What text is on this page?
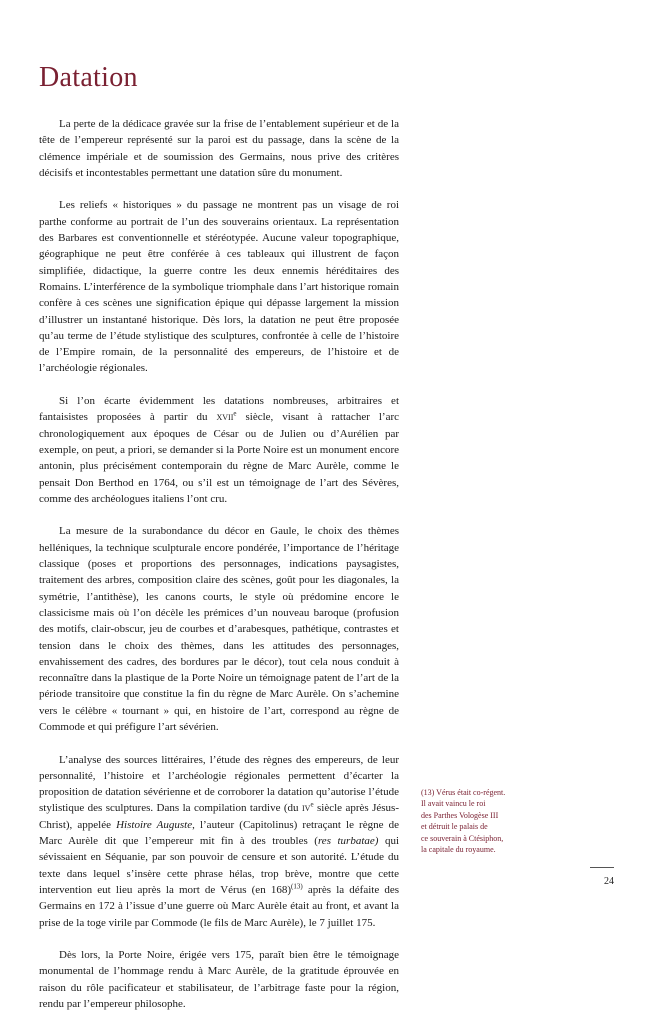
Datation

La perte de la dédicace gravée sur la frise de l’entablement supérieur et de la tête de l’empereur représenté sur la paroi est du passage, dans la scène de la clémence impériale et de soumission des Germains, nous prive des critères décisifs et incontestables permettant une datation sûre du monument.

Les reliefs « historiques » du passage ne montrent pas un visage de roi parthe conforme au portrait de l’un des souverains orientaux. La représentation des Barbares est conventionnelle et stéréotypée. Aucune valeur topographique, géographique ne peut être conférée à ces tableaux qui illustrent de façon simplifiée, didactique, la guerre contre les deux ennemis héréditaires des Romains. L’interférence de la symbolique triomphale dans l’art historique romain confère à ces scènes une signification épique qui dépasse largement la mission d’illustrer un instantané historique. Dès lors, la datation ne peut être proposée qu’au terme de l’étude stylistique des sculptures, confrontée à celle de l’histoire de l’Empire romain, de la personnalité des empereurs, de l’histoire et de l’archéologie régionales.

Si l’on écarte évidemment les datations nombreuses, arbitraires et fantaisistes proposées à partir du xvii$^e$ siècle, visant à rattacher l’arc chronologiquement aux époques de César ou de Julien ou d’Aurélien par exemple, on peut, a priori, se demander si la Porte Noire est un monument encore antonin, plus précisément contemporain du règne de Marc Aurèle, comme le pensait Don Berthod en 1764, ou s’il est un témoignage de l’art des Sévères, comme des archéologues italiens l’ont cru.

La mesure de la surabondance du décor en Gaule, le choix des thèmes helléniques, la technique sculpturale encore pondérée, l’importance de l’héritage classique (poses et proportions des personnages, indications paysagistes, traitement des arbres, composition claire des scènes, goût pour les diagonales, la symétrie, l’antithèse), les canons courts, le style où prédomine encore le classicisme mais où l’on décèle les prémices d’un nouveau baroque (profusion des motifs, clair-obscur, jeu de courbes et d’arabesques, pathétique, contrastes et tension dans le choix des thèmes, dans les attitudes des personnages, envahissement des cadres, des bordures par le décor), tout cela nous conduit à reconnaître dans la plastique de la Porte Noire un témoignage patent de l’art de la période transitoire que constitue la fin du règne de Marc Aurèle. On s’achemine vers le célèbre « tournant » qui, en histoire de l’art, correspond au règne de Commode et qui préfigure l’art sévérien.

L’analyse des sources littéraires, l’étude des règnes des empereurs, de leur personnalité, l’histoire et l’archéologie régionales permettent d’écarter la proposition de datation sévérienne et de corroborer la datation qu’autorise l’étude stylistique des sculptures. Dans la compilation tardive (du $iv^e$ siècle après Jésus-Christ), appelée Histoire Auguste, l’auteur (Capitolinus) retraçant le règne de Marc Aurèle dit que l’empereur mit fin à des troubles (res turbatae) qui sévissaient en Séquanie, par son pouvoir de censure et son autorité. L’étude du texte dans lequel s’insère cette phrase hélas, trop brève, montre que cette intervention eut lieu après la mort de Vérus (en 168)$^{(13)}$ après la défaite des Germains en 172 à l’issue d’une guerre où Marc Aurèle était au front, et avant la prise de la toge virile par Commode (le fils de Marc Aurèle), le 7 juillet 175.

Dès lors, la Porte Noire, érigée vers 175, paraît bien être le témoignage monumental de l’hommage rendu à Marc Aurèle, de la gratitude éprouvée en raison du rôle pacificateur et stabilisateur, de l’arbitrage faste pour la région, rendu par l’empereur philosophe.

(13) Vérus était co-régent.
Il avait vaincu le roi
des Parthes Vologèse III
et détruit le palais de
ce souverain à Ctésiphon,
la capitale du royaume.
24
